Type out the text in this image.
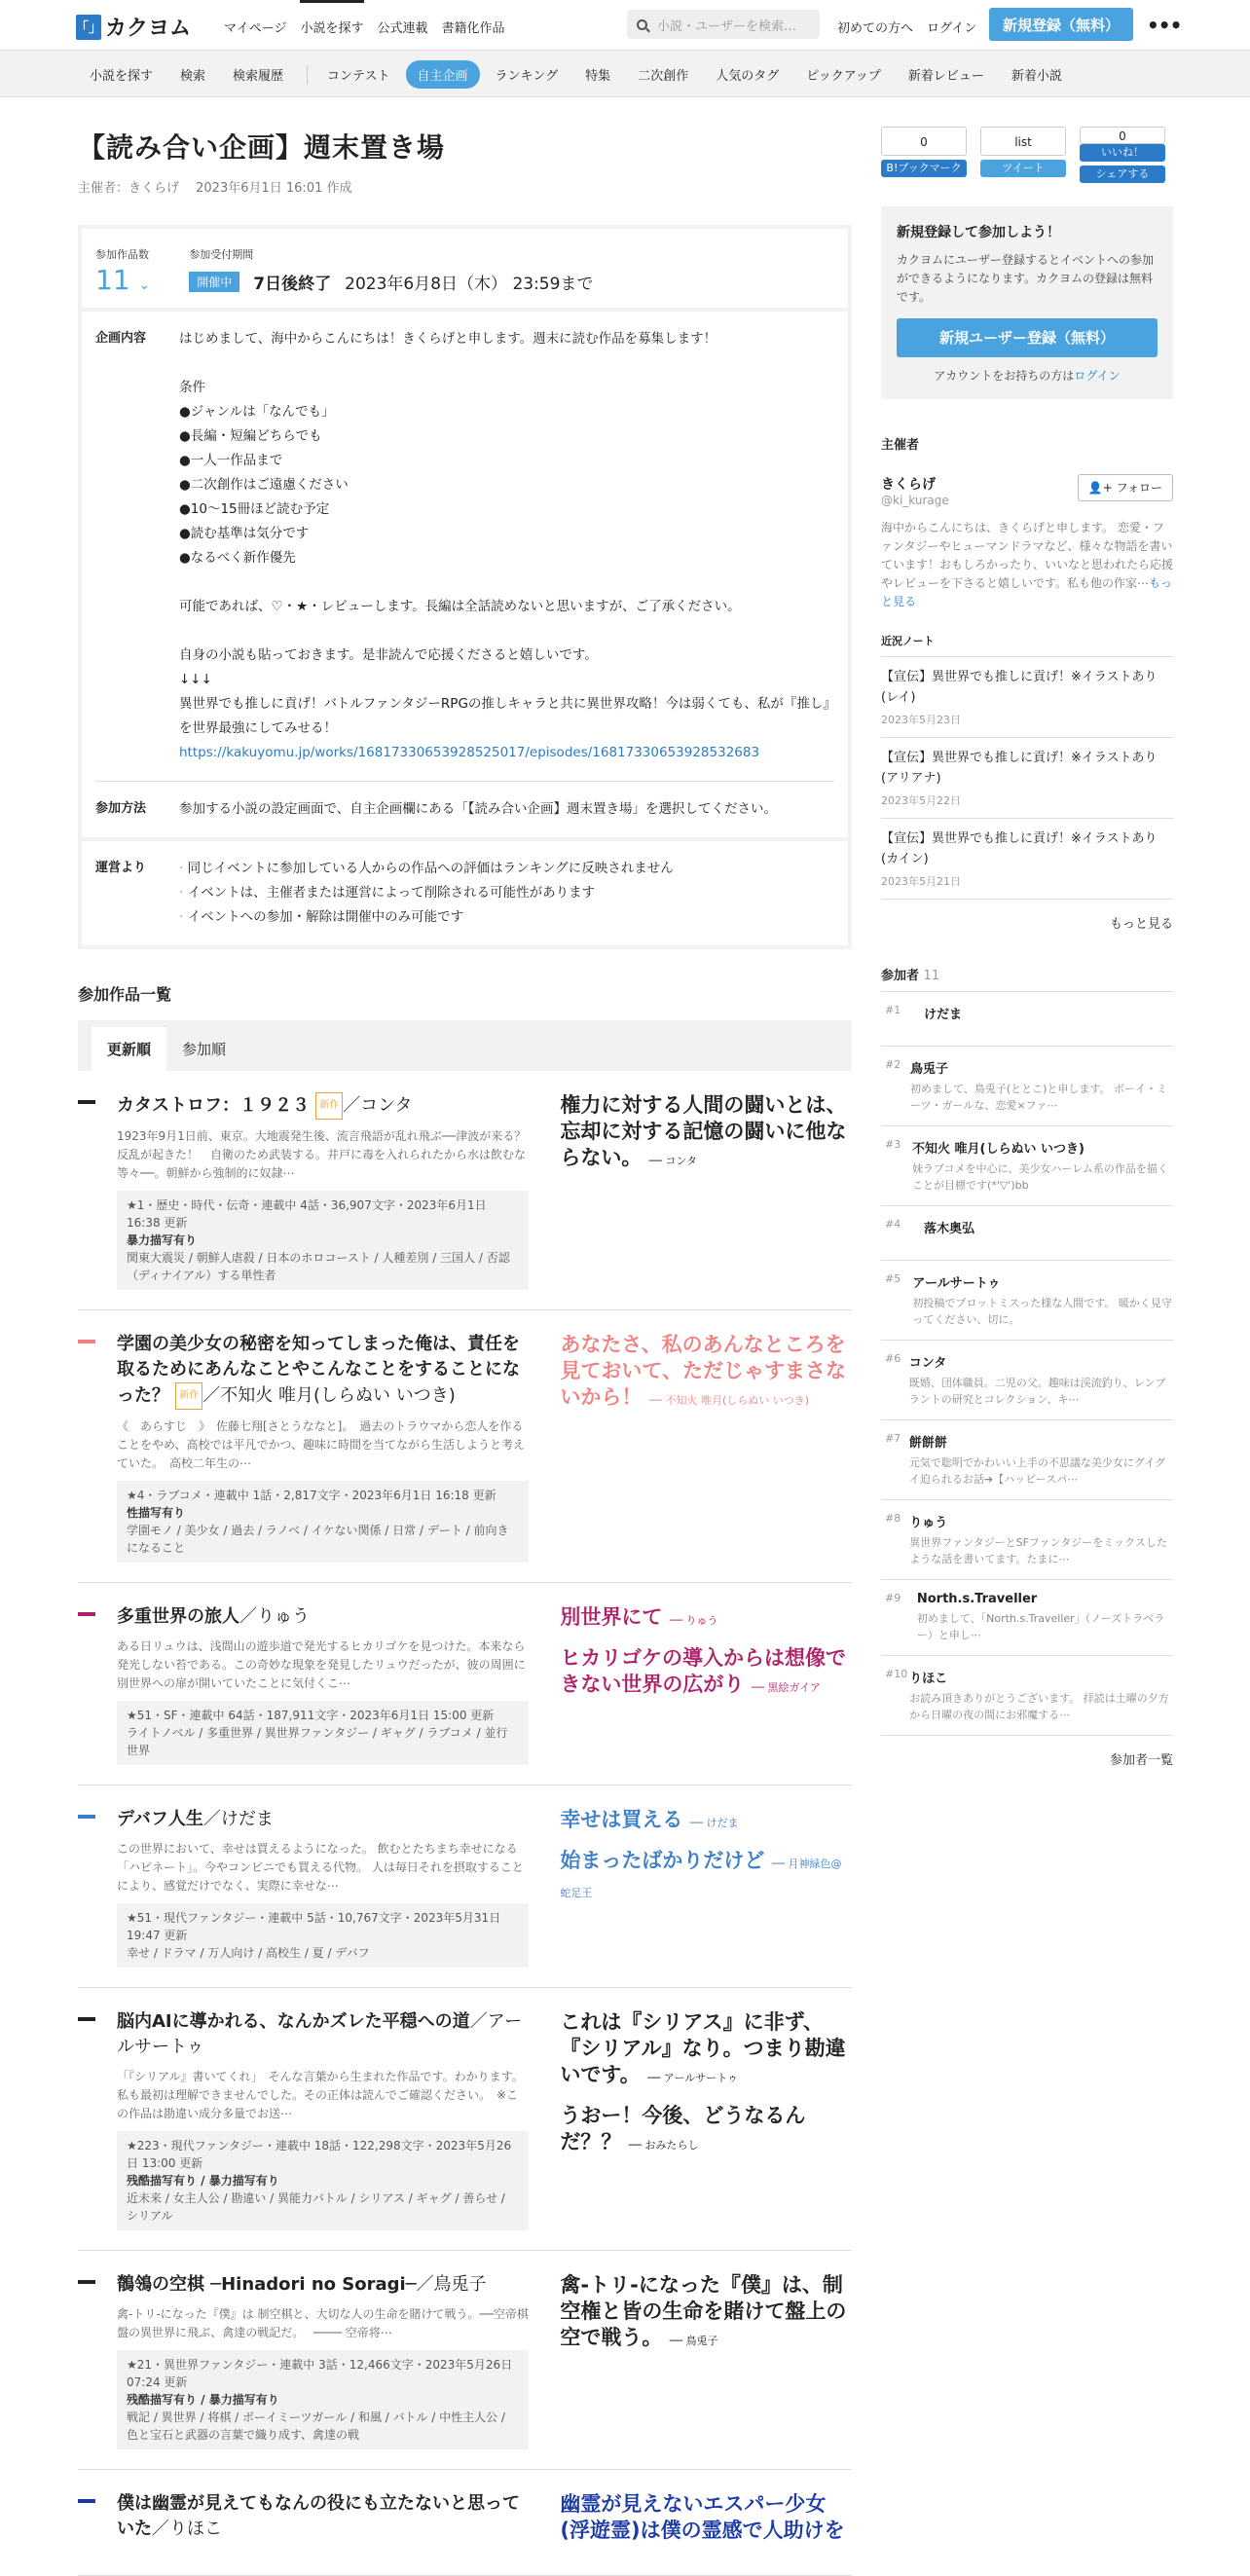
「」 カクヨム	マイページ 小説を探す 公式連載 書籍化作品	小説・ユーザーを検索…	初めての方へ ログイン	新規登録（無料）	•••
小説を探す	検索	検索履歴	コンテスト	自主企画	ランキング	特集	二次創作	人気のタグ	ピックアップ	新着レビュー	新着小説
【読み合い企画】週末置き場
主催者：きくらげ　 2023年6月1日 16:01 作成
参加作品数
11 ⌄
参加受付期間
開催中	7日後終了 2023年6月8日（木） 23:59まで
企画内容	はじめまして、海中からこんにちは！きくらげと申します。週末に読む作品を募集します！

条件

●ジャンルは「なんでも」

●長編・短編どちらでも

●一人一作品まで

●二次創作はご遠慮ください

●10～15冊ほど読む予定

●読む基準は気分です

●なるべく新作優先

可能であれば、♡・★・レビューします。長編は全話読めないと思いますが、ご了承ください。

自身の小説も貼っておきます。是非読んで応援くださると嬉しいです。

↓↓↓

異世界でも推しに貢げ！バトルファンタジーRPGの推しキャラと共に異世界攻略！今は弱くても、私が『推し』を世界最強にしてみせる！

https://kakuyomu.jp/works/16817330653928525017/episodes/16817330653928532683

参加方法	参加する小説の設定画面で、自主企画欄にある「【読み合い企画】週末置き場」を選択してください。
運営より
·	同じイベントに参加している人からの作品への評価はランキングに反映されません
· イベントは、主催者または運営によって削除される可能性があります
· イベントへの参加・解除は開催中のみ可能です
参加作品一覧
更新順	参加順
カタストロフ：１９２３ 新作 ／コンタ
1923年9月1日前、東京。大地震発生後、流言飛語が乱れ飛ぶ──津波が来る？　反乱が起きた！　自衛のため武装する。井戸に毒を入れられたから水は飲むな等々──。朝鮮から強制的に奴隷⋯
★1・歴史・時代・伝奇・連載中 4話・36,907文字・2023年6月1日 16:38 更新
暴力描写有り
関東大震災 / 朝鮮人虐殺 / 日本のホロコースト / 人種差別 / 三国人 / 否認（ディナイアル）する単性者
権力に対する人間の闘いとは、忘却に対する記憶の闘いに他ならない。 ── コンタ
学園の美少女の秘密を知ってしまった俺は、責任を取るためにあんなことやこんなことをすることになった？ 新作 ／不知火 唯月(しらぬい いつき)
《　あらすじ　》　佐藤七翔[さとうななと]。　過去のトラウマから恋人を作ることをやめ、高校では平凡でかつ、趣味に時間を当てながら生活しようと考えていた。　高校二年生の⋯
★4・ラブコメ・連載中 1話・2,817文字・2023年6月1日 16:18 更新
性描写有り
学園モノ / 美少女 / 過去 / ラノベ / イケない関係 / 日常 / デート / 前向きになること
あなたさ、私のあんなところを見ておいて、ただじゃすまさないから！ ── 不知火 唯月(しらぬい いつき)
多重世界の旅人／りゅう
ある日リュウは、浅間山の遊歩道で発光するヒカリゴケを見つけた。本来なら発光しない苔である。この奇妙な現象を発見したリュウだったが、彼の周囲に別世界への扉が開いていたことに気付くこ⋯
★51・SF・連載中 64話・187,911文字・2023年6月1日 15:00 更新
ライトノベル / 多重世界 / 異世界ファンタジー / ギャグ / ラブコメ / 並行世界
別世界にて ── りゅう
ヒカリゴケの導入からは想像できない世界の広がり ── 黒絵ガイア
デバフ人生／けだま
この世界において、幸せは買えるようになった。 飲むとたちまち幸せになる「ハピネート」。今やコンビニでも買える代物。 人は毎日それを摂取することにより、感覚だけでなく、実際に幸せな⋯
★51・現代ファンタジー・連載中 5話・10,767文字・2023年5月31日 19:47 更新
幸せ / ドラマ / 万人向け / 高校生 / 夏 / デバフ
幸せは買える ── けだま
始まったばかりだけど ── 月神緑色@蛇足王
脳内AIに導かれる、なんかズレた平穏への道／アールサートゥ
「『シリアル』書いてくれ」　そんな言葉から生まれた作品です。わかります。私も最初は理解できませんでした。その正体は読んでご確認ください。　※この作品は勘違い成分多量でお送⋯
★223・現代ファンタジー・連載中 18話・122,298文字・2023年5月26日 13:00 更新
残酷描写有り / 暴力描写有り
近未来 / 女主人公 / 勘違い / 異能力バトル / シリアス / ギャグ / 善らせ / シリアル
これは『シリアス』に非ず、『シリアル』なり。つまり勘違いです。 ── アールサートゥ
うおー！今後、どうなるんだ？？ ── おみたらし
鶺鴒の空棋 ─Hinadori no Soragi─／鳥兎子
禽-トリ-になった『僕』は 制空棋と、大切な人の生命を賭けて戦う。──空帝棋盤の異世界に飛ぶ、禽達の戦記だ。　 ──── 空帝将⋯
★21・異世界ファンタジー・連載中 3話・12,466文字・2023年5月26日 07:24 更新
残酷描写有り / 暴力描写有り
戦記 / 異世界 / 将棋 / ボーイミーツガール / 和風 / バトル / 中性主人公 / 色と宝石と武器の言葉で織り成す、禽達の戦
禽-トリ-になった『僕』は、制空権と皆の生命を賭けて盤上の空で戦う。 ── 鳥兎子
僕は幽霊が見えてもなんの役にも立たないと思っていた／りほこ
幽霊が見えないエスパー少女(浮遊霊)は僕の霊感で人助けを
0
B!ブックマーク
list
ツイート
0
いいね！
シェアする
新規登録して参加しよう！

カクヨムにユーザー登録するとイベントへの参加ができるようになります。カクヨムの登録は無料です。

新規ユーザー登録（無料）
アカウントをお持ちの方はログイン
主催者
きくらげ
@ki_kurage
👤+ フォロー
海中からこんにちは、きくらげと申します。 恋愛・ファンタジーやヒューマンドラマなど、様々な物語を書いています！おもしろかったり、いいなと思われたら応援やレビューを下さると嬉しいです。私も他の作家⋯もっと見る
近況ノート
【宣伝】異世界でも推しに貢げ！※イラストあり(レイ)
2023年5月23日
【宣伝】異世界でも推しに貢げ！※イラストあり(アリアナ)
2023年5月22日
【宣伝】異世界でも推しに貢げ！※イラストあり(カイン)
2023年5月21日
もっと見る
参加者 11
#1	けだま
#2 鳥兎子
初めまして、鳥兎子(ととこ)と申します。 ボーイ・ミーツ・ガールな、恋愛×ファ⋯
#3 不知火 唯月(しらぬい いつき)
妹ラブコメを中心に、美少女ハーレム系の作品を描くことが目標です(*'▽')bb
#4	落木奥弘
#5 アールサートゥ
初投稿でプロットミスった様な人間です。 暖かく見守ってください、切に。
#6 コンタ
既婚、団体職員。二児の父。趣味は渓流釣り、レンブラントの研究とコレクション、キ⋯
#7 餅餅餅
元気で聡明でかわいい上手の不思議な美少女にグイグイ迫られるお話➔【ハッピースパ⋯
#8 りゅう
異世界ファンタジーとSFファンタジーをミックスしたような話を書いてます。たまに⋯
#9	North.s.Traveller
初めまして、「North.s.Traveller」（ノーズトラベラー）と申し⋯
#10 りほこ
お読み頂きありがとうございます。 拝読は土曜の夕方から日曜の夜の間にお邪魔する⋯
参加者一覧
